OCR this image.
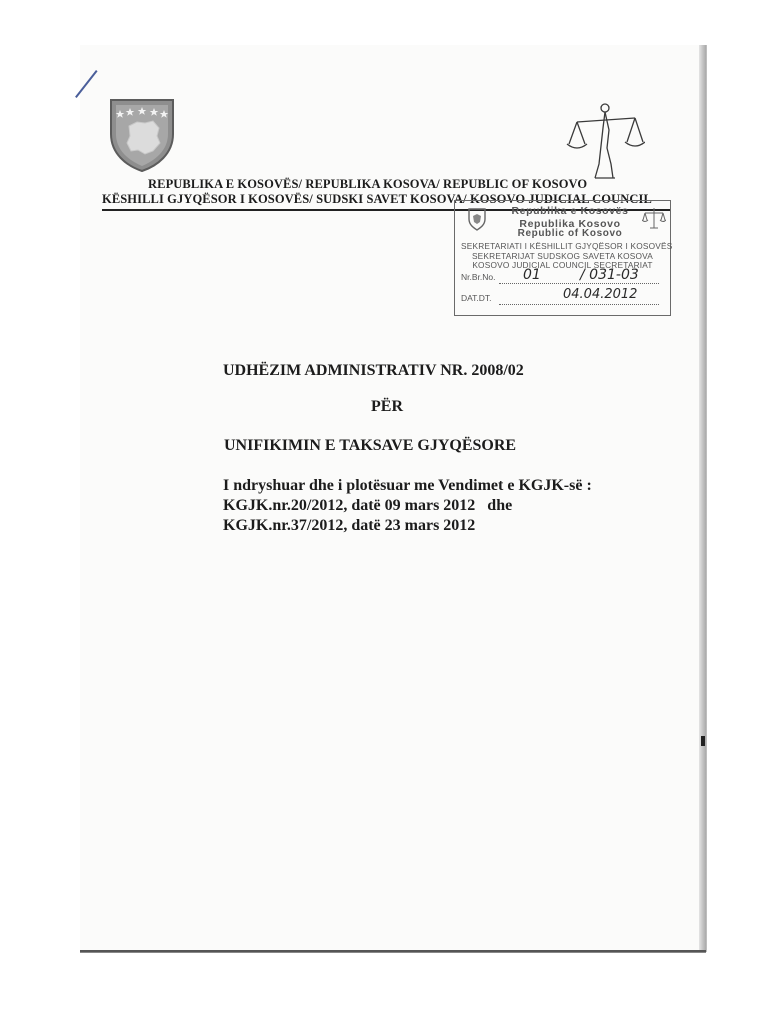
REPUBLIKA E KOSOVËS/ REPUBLIKA KOSOVA/ REPUBLIC OF KOSOVO
KËSHILLI GJYQËSOR I KOSOVËS/ SUDSKI SAVET KOSOVA/ KOSOVO JUDICIAL COUNCIL
Republika e Kosovës
Republika Kosovo
Republic of Kosovo
SEKRETARIATI I KËSHILLIT GJYQËSOR I KOSOVËS
SEKRETARIJAT SUDSKOG SAVETA KOSOVA
KOSOVO JUDICIAL COUNCIL SECRETARIAT
Nr.Br.No. 01	/ 031-03
DAT.DT.	04.04.2012
UDHËZIM ADMINISTRATIV NR. 2008/02
PËR
UNIFIKIMIN E TAKSAVE GJYQËSORE
I ndryshuar dhe i plotësuar me Vendimet e KGJK-së :
KGJK.nr.20/2012, datë 09 mars 2012   dhe
KGJK.nr.37/2012, datë 23 mars 2012
